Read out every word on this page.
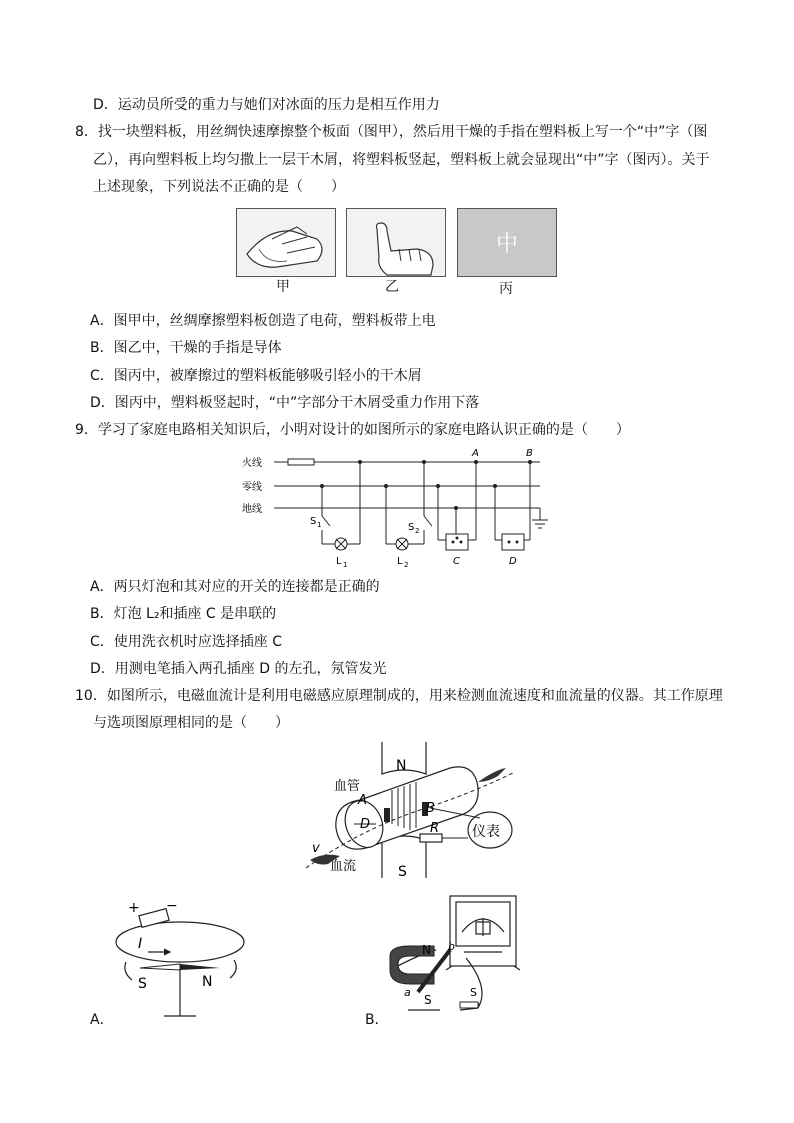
D．运动员所受的重力与她们对冰面的压力是相互作用力
8．找一块塑料板，用丝绸快速摩擦整个板面（图甲），然后用干燥的手指在塑料板上写一个“中”字（图
乙），再向塑料板上均匀撒上一层干木屑，将塑料板竖起，塑料板上就会显现出“中”字（图丙）。关于
上述现象，下列说法不正确的是（　　）
中
甲	乙	丙
A．图甲中，丝绸摩擦塑料板创造了电荷，塑料板带上电
B．图乙中，干燥的手指是导体
C．图丙中，被摩擦过的塑料板能够吸引轻小的干木屑
D．图丙中，塑料板竖起时，“中”字部分干木屑受重力作用下落
9．学习了家庭电路相关知识后，小明对设计的如图所示的家庭电路认识正确的是（　　）
火线
零线
地线
A	B
S 1	S 2
L 1	L 2	C	D
A．两只灯泡和其对应的开关的连接都是正确的
B．灯泡 L₂和插座 C 是串联的
C．使用洗衣机时应选择插座 C
D．用测电笔插入两孔插座 D 的左孔，氖管发光
10．如图所示，电磁血流计是利用电磁感应原理制成的，用来检测血流速度和血流量的仪器。其工作原理
与选项图原理相同的是（　　）
N
S
血管
血流
A
B
D	R 仪表
v
+ −
I
S	N
A．
N
S
b
a	S
B．
